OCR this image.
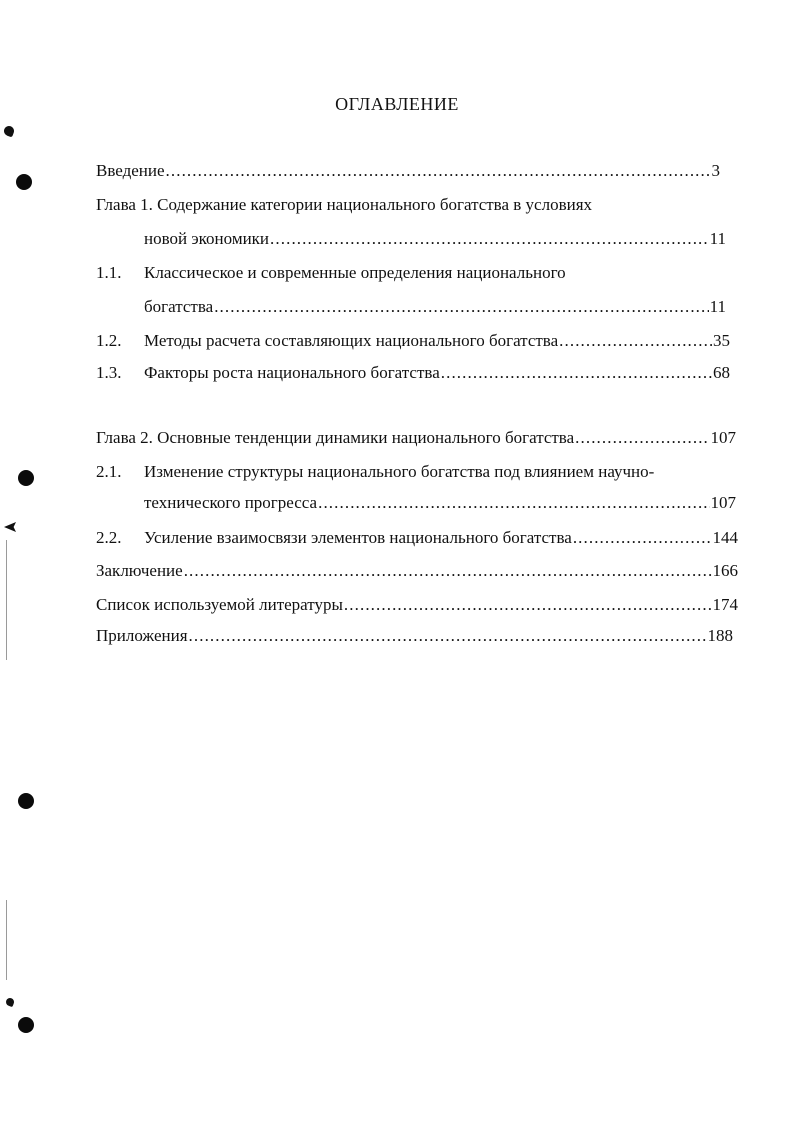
ОГЛАВЛЕНИЕ
Введение .....	3
Глава 1. Содержание категории национального богатства в условиях
новой экономики .....	11
1.1.	Классическое и современные определения национального
богатства .....	11
1.2.	Методы расчета составляющих национального богатства .....	35
1.3.	Факторы роста национального богатства .....	68
Глава 2. Основные тенденции динамики национального богатства .....	107
2.1.	Изменение структуры национального богатства под влиянием научно-
технического прогресса .....	107
2.2.	Усиление взаимосвязи элементов национального богатства .....	144
Заключение .....	166
Список используемой литературы .....	174
Приложения .....	188
